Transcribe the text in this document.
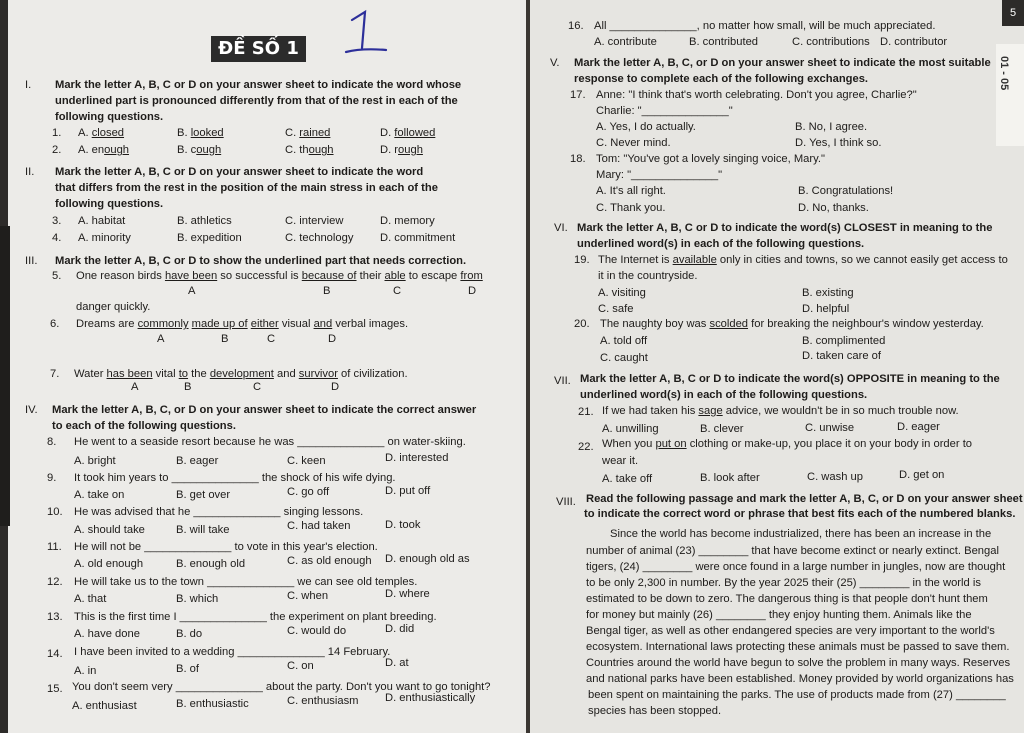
ĐỀ SỐ 1
I. Mark the letter A, B, C or D on your answer sheet to indicate the word whose
underlined part is pronounced differently from that of the rest in each of the
following questions.
1. A. closed	B. looked	C. rained	D. followed
2. A. enough	B. cough	C. though	D. rough
II. Mark the letter A, B, C or D on your answer sheet to indicate the word
that differs from the rest in the position of the main stress in each of the
following questions.
3. A. habitat	B. athletics	C. interview	D. memory
4. A. minority	B. expedition	C. technology D. commitment
III. Mark the letter A, B, C or D to show the underlined part that needs correction.
5. One reason birds have been so successful is because of their able to escape from
A	B	C	D
danger quickly.
6. Dreams are commonly made up of either visual and verbal images.
A	B	C	D
7. Water has been vital to the development and survivor of civilization.
A	B	C	D
IV. Mark the letter A, B, C, or D on your answer sheet to indicate the correct answer
to each of the following questions.
8. He went to a seaside resort because he was ______________ on water-skiing.
A. bright	B. eager	C. keen	D. interested
9. It took him years to ______________ the shock of his wife dying.
A. take on	B. get over	C. go off	D. put off
10. He was advised that he ______________ singing lessons.
A. should take	B. will take	C. had taken	D. took
11. He will not be ______________ to vote in this year's election.
A. old enough	B. enough old	C. as old enough D. enough old as
12. He will take us to the town ______________ we can see old temples.
A. that	B. which	C. when	D. where
13. This is the first time I ______________ the experiment on plant breeding.
A. have done	B. do	C. would do	D. did
14. I have been invited to a wedding ______________ 14 February.
A. in	B. of	C. on	D. at
15. You don't seem very ______________ about the party. Don't you want to go tonight?
A. enthusiast	B. enthusiastic	C. enthusiasm D. enthusiastically
5
16. All ______________, no matter how small, will be much appreciated.
A. contribute	B. contributed	C. contributions D. contributor
V. Mark the letter A, B, C, or D on your answer sheet to indicate the most suitable
response to complete each of the following exchanges.
17. Anne: "I think that's worth celebrating. Don't you agree, Charlie?"
Charlie: "______________"
A. Yes, I do actually.	B. No, I agree.
C. Never mind.	D. Yes, I think so.
18. Tom: "You've got a lovely singing voice, Mary."
Mary: "______________"
A. It's all right.	B. Congratulations!
C. Thank you.	D. No, thanks.
VI. Mark the letter A, B, C or D to indicate the word(s) CLOSEST in meaning to the
underlined word(s) in each of the following questions.
19. The Internet is available only in cities and towns, so we cannot easily get access to
it in the countryside.
A. visiting	B. existing
C. safe	D. helpful
20. The naughty boy was scolded for breaking the neighbour's window yesterday.
A. told off	B. complimented
C. caught	D. taken care of
VII. Mark the letter A, B, C or D to indicate the word(s) OPPOSITE in meaning to the
underlined word(s) in each of the following questions.
21. If we had taken his sage advice, we wouldn't be in so much trouble now.
A. unwilling	B. clever	C. unwise	D. eager
22. When you put on clothing or make-up, you place it on your body in order to
wear it.
A. take off	B. look after	C. wash up	D. get on
VIII. Read the following passage and mark the letter A, B, C, or D on your answer sheet
to indicate the correct word or phrase that best fits each of the numbered blanks.
Since the world has become industrialized, there has been an increase in the
number of animal (23) ________ that have become extinct or nearly extinct. Bengal
tigers, (24) ________ were once found in a large number in jungles, now are thought
to be only 2,300 in number. By the year 2025 their (25) ________ in the world is
estimated to be down to zero. The dangerous thing is that people don't hunt them
for money but mainly (26) ________ they enjoy hunting them. Animals like the
Bengal tiger, as well as other endangered species are very important to the world's
ecosystem. International laws protecting these animals must be passed to save them.
Countries around the world have begun to solve the problem in many ways. Reserves
and national parks have been established. Money provided by world organizations has
been spent on maintaining the parks. The use of products made from (27) ________
species has been stopped.
01 - 05
